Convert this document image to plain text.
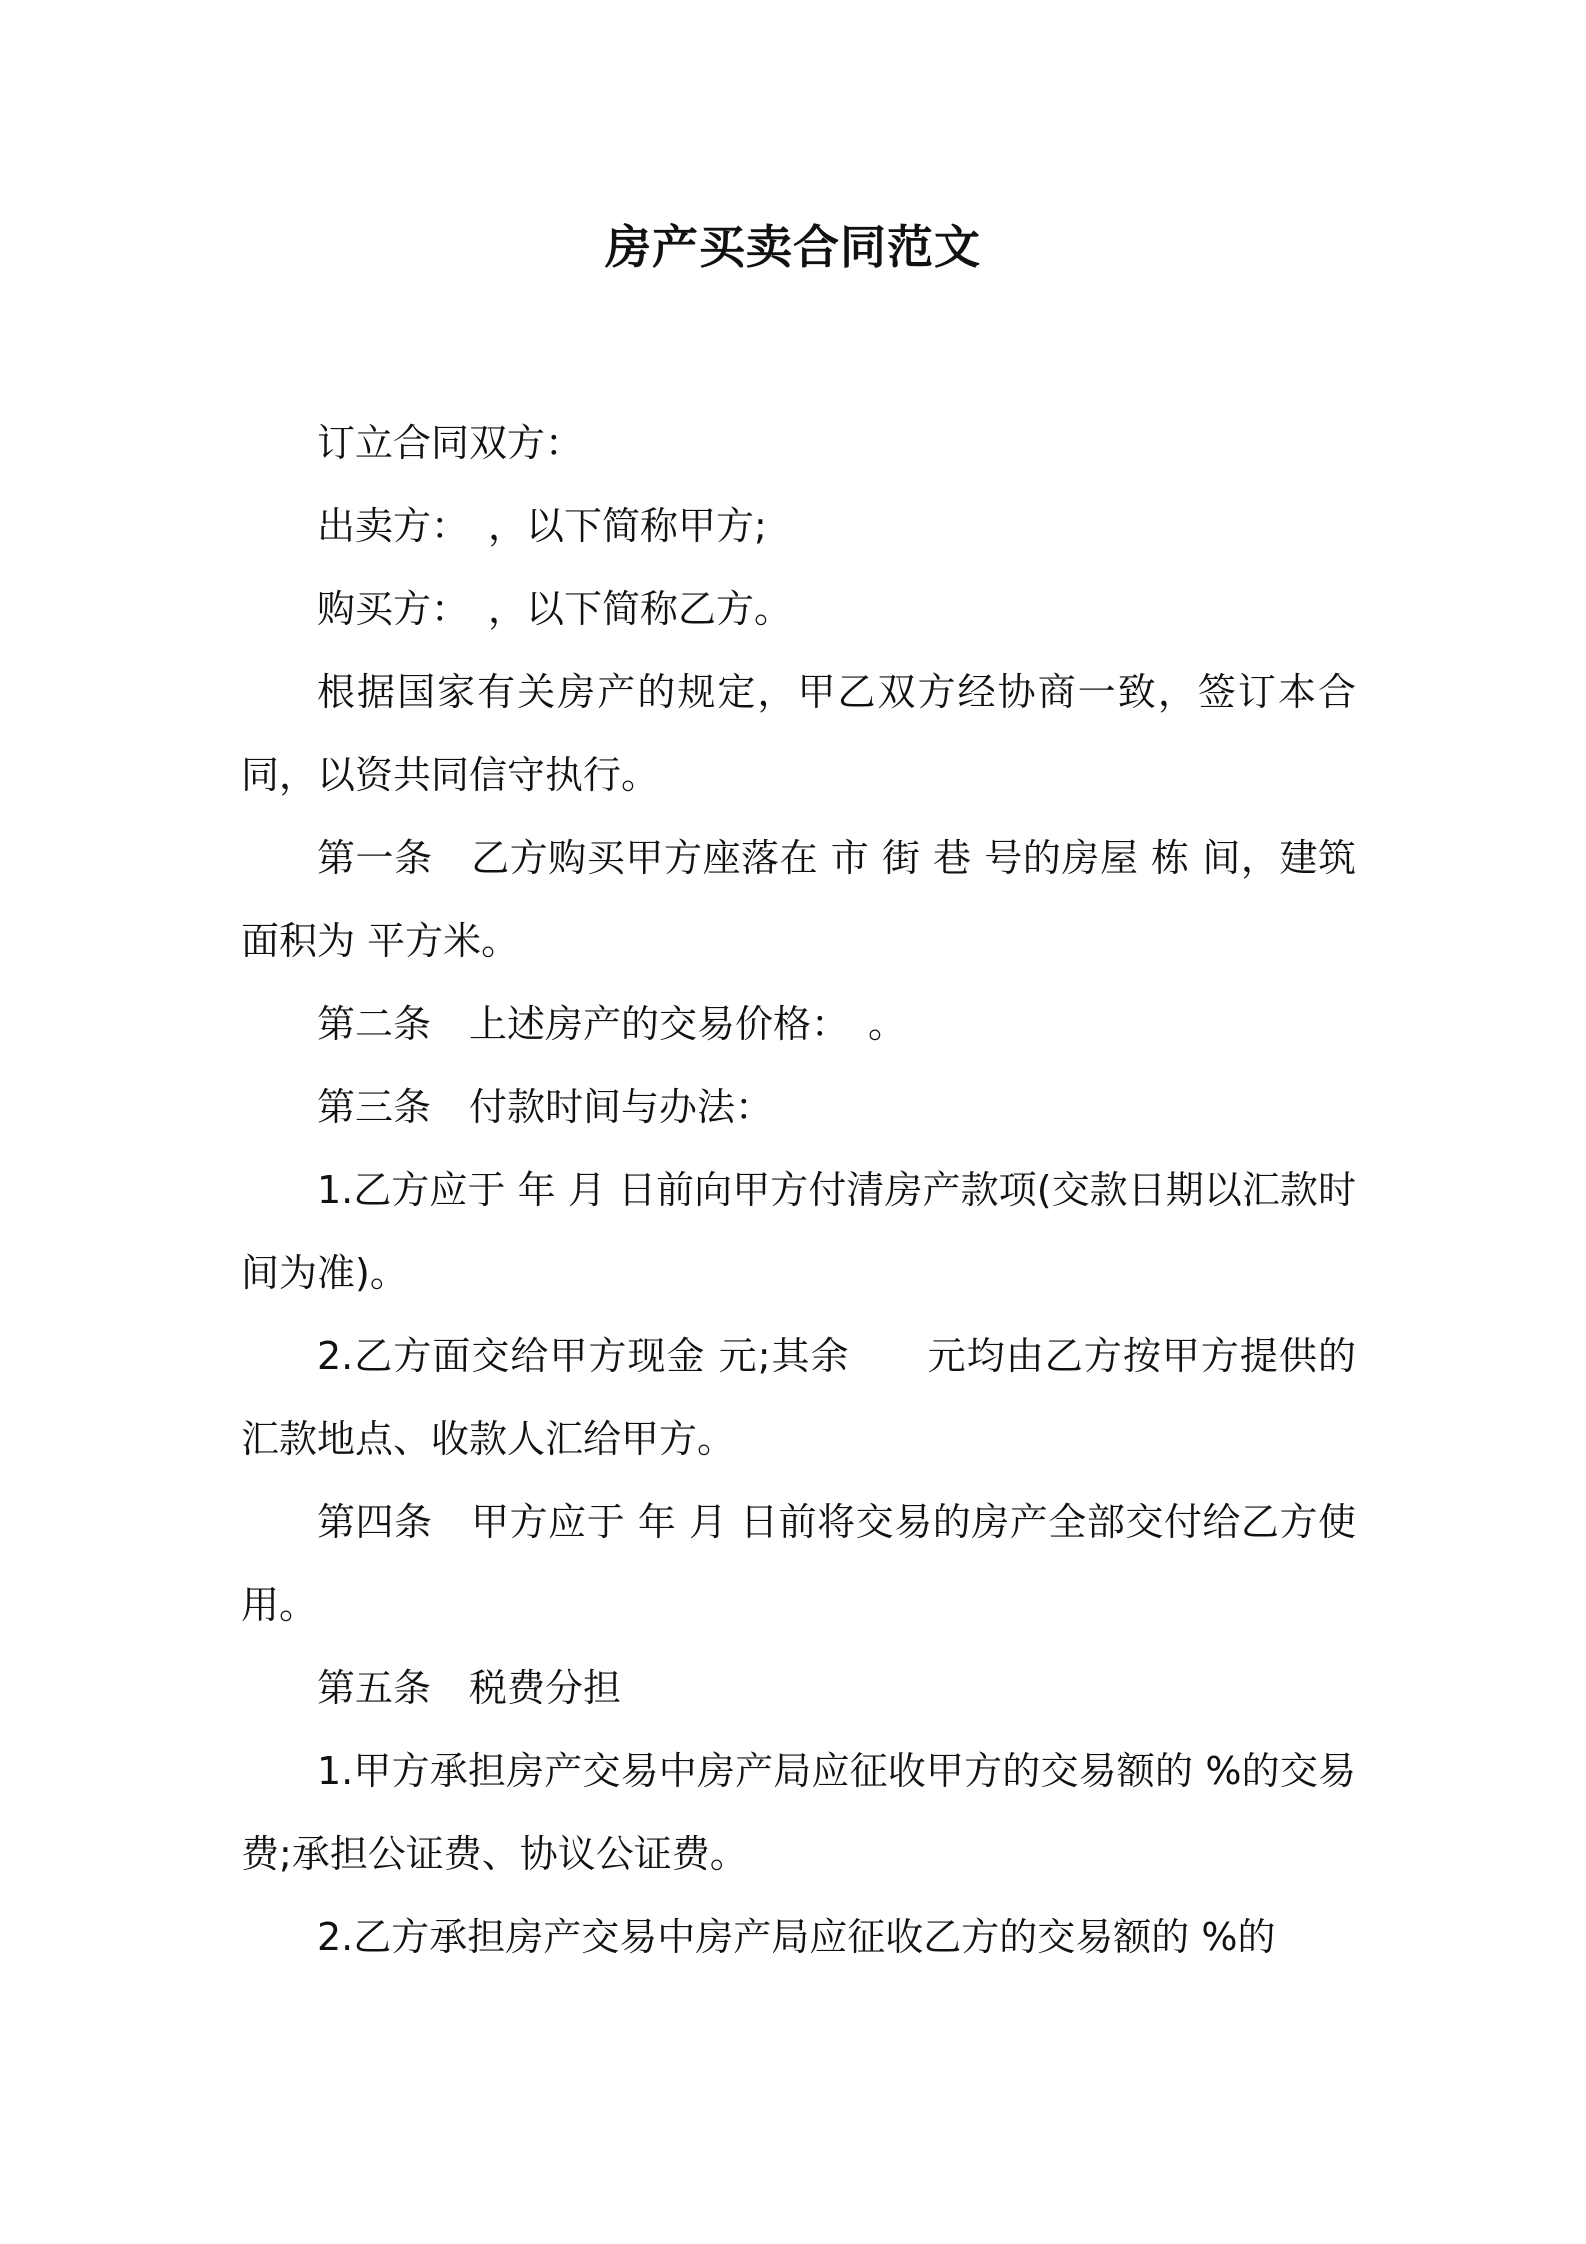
房产买卖合同范文

订立合同双方：

出卖方：　，以下简称甲方;

购买方：　，以下简称乙方。

根据国家有关房产的规定，甲乙双方经协商一致，签订本合同，以资共同信守执行。

第一条　乙方购买甲方座落在 市 街 巷 号的房屋 栋 间，建筑面积为 平方米。

第二条　上述房产的交易价格：　。

第三条　付款时间与办法：

1.乙方应于 年 月 日前向甲方付清房产款项(交款日期以汇款时间为准)。

2.乙方面交给甲方现金 元;其余　　元均由乙方按甲方提供的汇款地点、收款人汇给甲方。

第四条　甲方应于 年 月 日前将交易的房产全部交付给乙方使用。

第五条　税费分担

1.甲方承担房产交易中房产局应征收甲方的交易额的 %的交易费;承担公证费、协议公证费。

2.乙方承担房产交易中房产局应征收乙方的交易额的 %的
